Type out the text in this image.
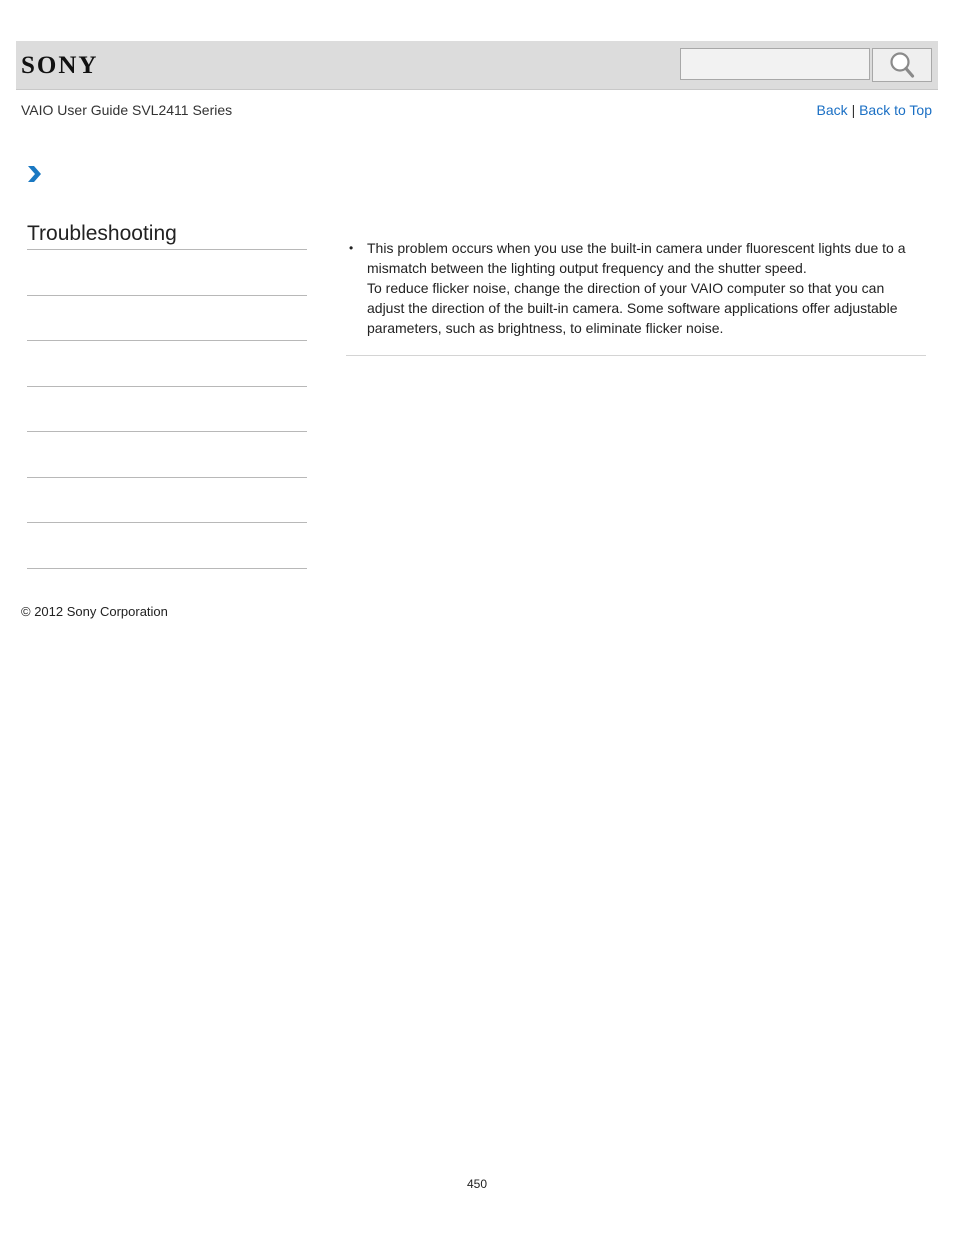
SONY
VAIO User Guide SVL2411 Series	Back | Back to Top
Troubleshooting
• This problem occurs when you use the built-in camera under fluorescent lights due to a mismatch between the lighting output frequency and the shutter speed.

To reduce flicker noise, change the direction of your VAIO computer so that you can adjust the direction of the built-in camera. Some software applications offer adjustable parameters, such as brightness, to eliminate flicker noise.

© 2012 Sony Corporation
450
